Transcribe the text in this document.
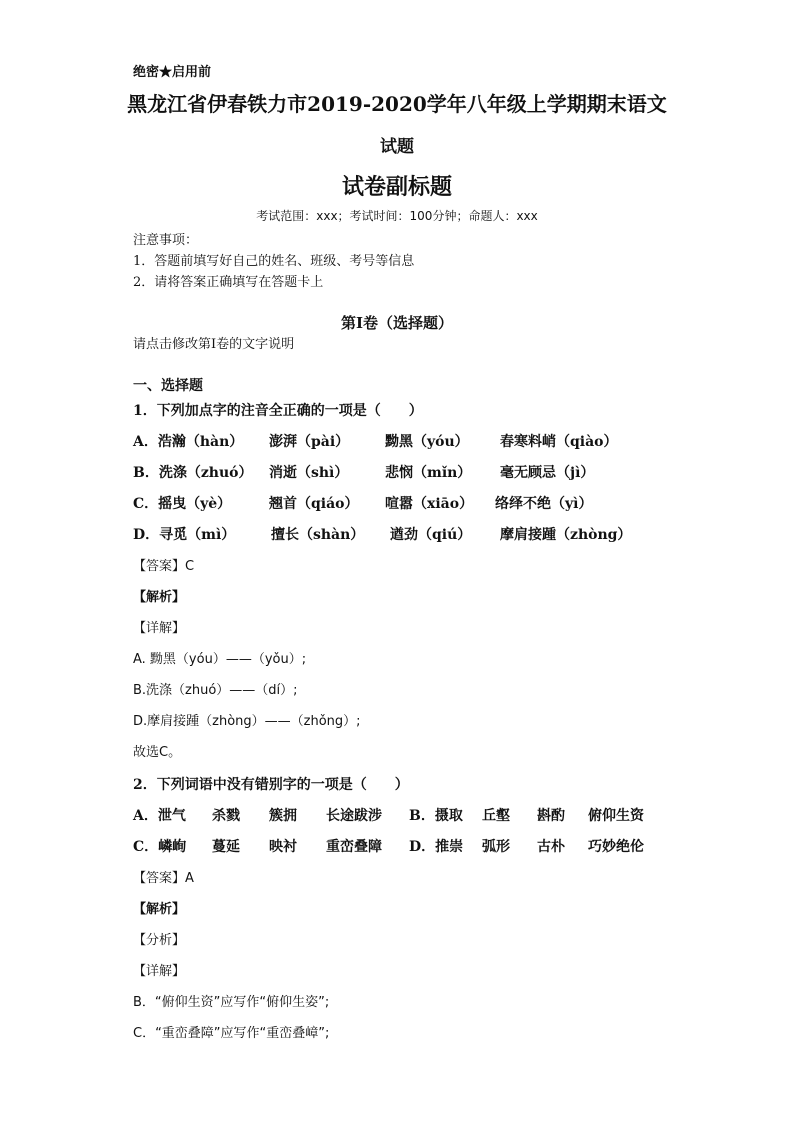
绝密★启用前
黑龙江省伊春铁力市2019-2020学年八年级上学期期末语文
试题
试卷副标题
考试范围：xxx；考试时间：100分钟；命题人：xxx
注意事项：
1．答题前填写好自己的姓名、班级、考号等信息
2．请将答案正确填写在答题卡上
第I卷（选择题）
请点击修改第I卷的文字说明
一、选择题
1．下列加点字的注音全正确的一项是（　　）
A．浩瀚（hàn） 澎湃（pài）	黝黑（yóu） 春寒料峭（qiào）
B．洗涤（zhuó） 消逝（shì）	悲悯（mǐn） 毫无顾忌（jì）
C．摇曳（yè）	翘首（qiáo） 喧嚣（xiāo） 络绎不绝（yì）
D．寻觅（mì）	擅长（shàn） 遒劲（qiú） 摩肩接踵（zhòng）
【答案】C
【解析】
【详解】
A. 黝黑（yóu）——（yǒu）;
B.洗涤（zhuó）——（dí）;
D.摩肩接踵（zhòng）——（zhǒng）;
故选C。
2．下列词语中没有错别字的一项是（　　）
A．泄气 杀戮 簇拥 长途跋涉 B．摄取 丘壑 斟酌 俯仰生资
C．嶙峋 蔓延 映衬 重峦叠障 D．推崇 弧形 古朴 巧妙绝伦
【答案】A
【解析】
【分析】
【详解】
B．“俯仰生资”应写作“俯仰生姿”;
C．“重峦叠障”应写作“重峦叠嶂”;
